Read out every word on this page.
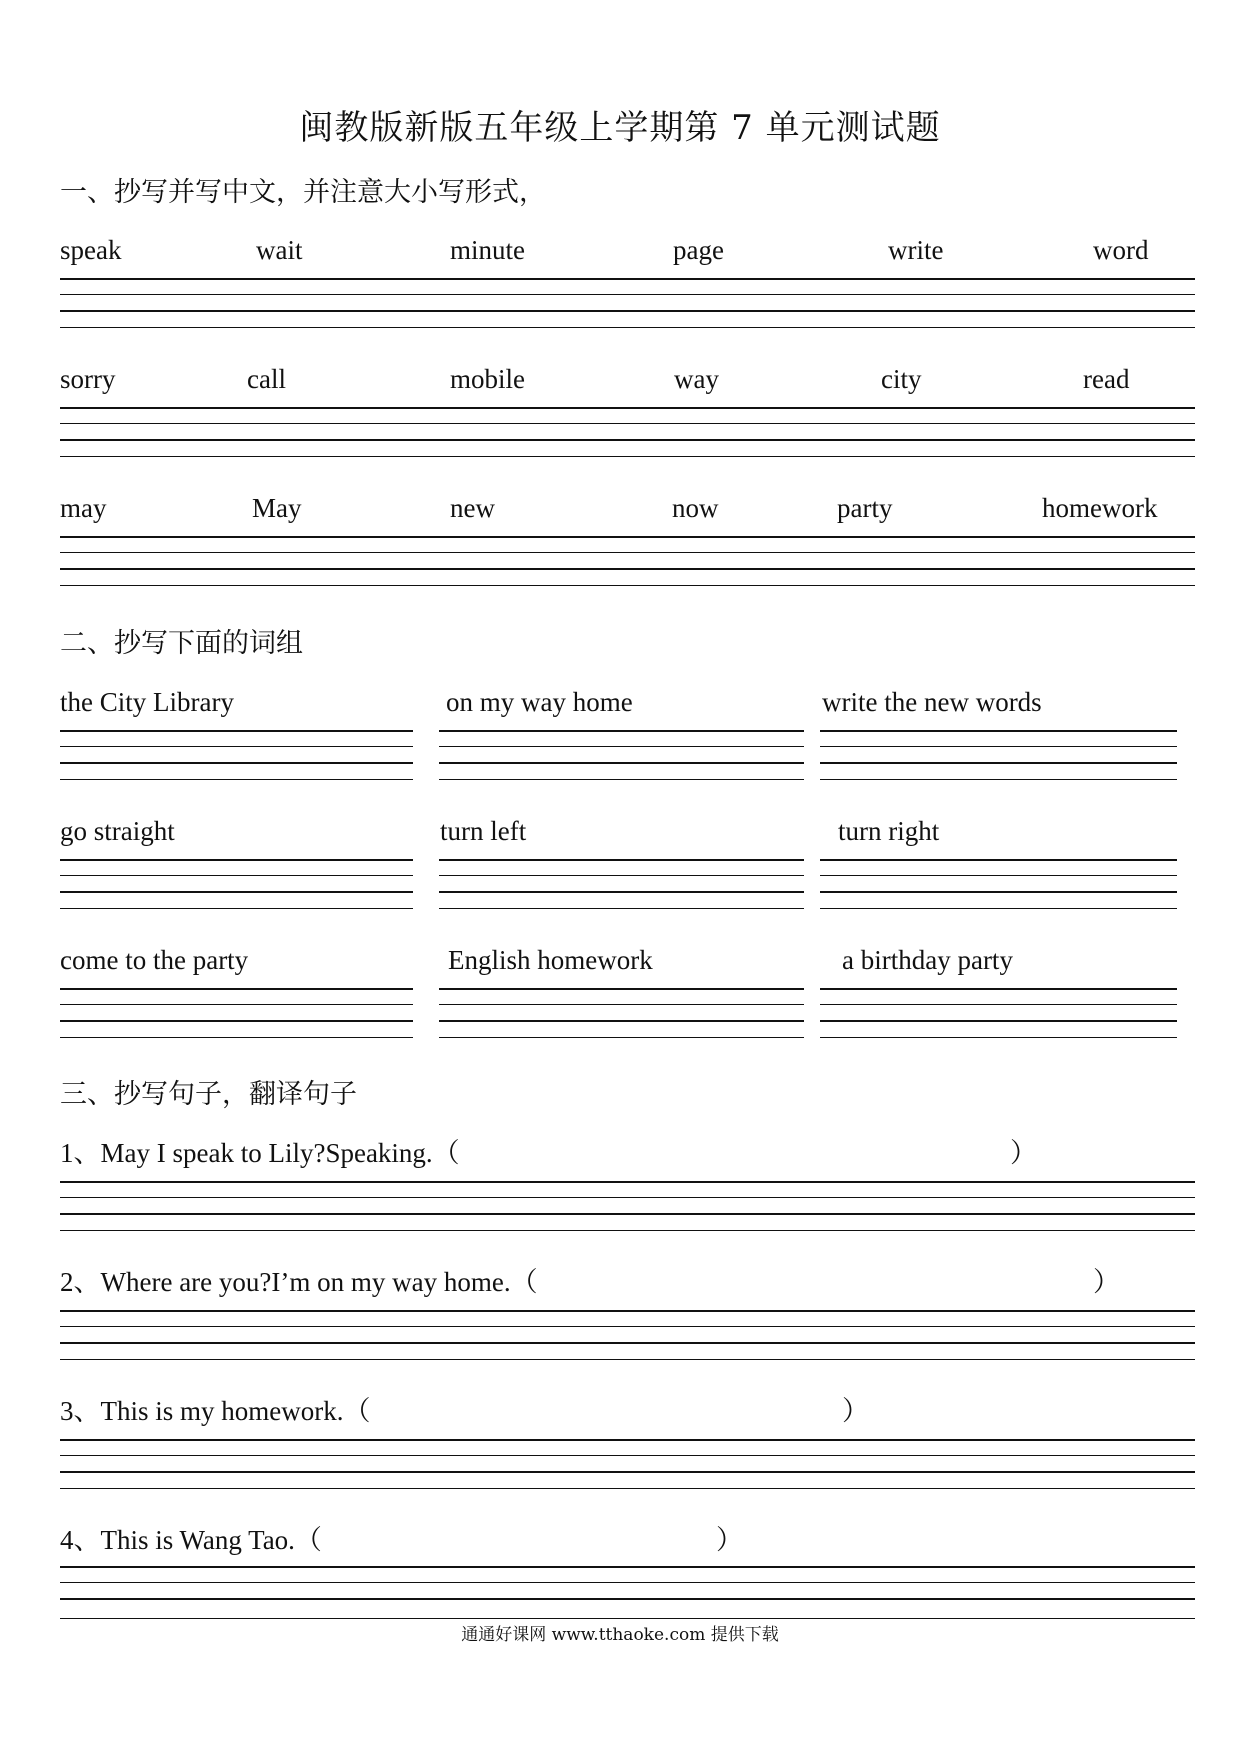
闽教版新版五年级上学期第 7 单元测试题
一、抄写并写中文，并注意大小写形式，
speak	wait	minute	page	write	word
sorry	call	mobile	way	city	read
may	May	new	now	party	homework
二、抄写下面的词组
the City Library	on my way home	write the new words
go straight	turn left	turn right
come to the party	English homework	a birthday party
三、抄写句子，翻译句子
1、May I speak to Lily?Speaking.（	）
2、Where are you?I’m on my way home.（	）
3、This is my homework.（	）
4、This is Wang Tao.（	）
通通好课网 www.tthaoke.com 提供下载
